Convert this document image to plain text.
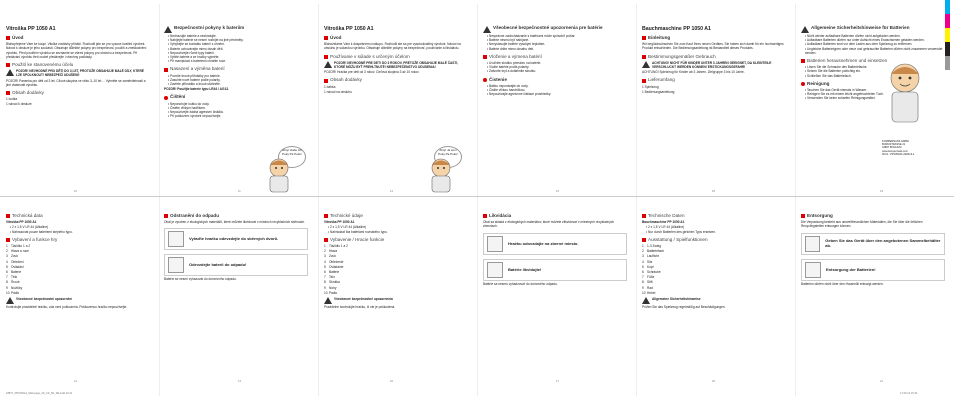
Vitroška PP 1050 A1
Úvod
Blahopřejeme Vám ke koupi. Vitulka vostávky přináší. Rozhodli jste se pro vysoce kvalitní výrobek. Návod k obsluze je jeho součástí. Obsahuje důležité pokyny pro bezpečnost, použití a zneškodnění výrobku. Před použitím výrobku se seznamte se všemi pokyny pro obsluhu a bezpečnost. Při předávání výrobku třetí osobě předávejte i všechny podklady.
Použití ke stanovenému účelu
POZOR! NEVHODNÉ PRO DĚTI DO 3 LET, PROTOŽE OBSAHUJE MALÉ DÍLY, KTERÉ LZE SPOLKNOUT! NEBEZPEČÍ UDUŠENÍ!
POZOR! Panenka pro děti od 3 let. Cílová skupina ve věku 3–10 let ... Vyhněte se zaměnitelnosti a jiné vlastnosti výrobku.
Obsah dodávky
1 loutka
1 návod k obsluze
10
Bezpečnostní pokyny k bateriím
• Nevhazujte baterie a nezkratujte.
• Nabíjejte baterie se nesmí rozbíjet na jiné předměty.
• Vyhýbejte se kontaktu baterií s ohněm.
• Baterie uchovávejte mimo dosah dětí.
• Nepoužívejte různé typy baterií.
• Vybité baterie a ze hračky vyjměte.
• Při manipulaci s bateriemi chraňte ruce.
Nasazení a výměna baterií
• Povolte šroub přihrádky pro baterie.
• Zasuňte nové baterie podle polarity.
• Zavřete přihrádku a šroub utáhněte.
POZOR! Použijte baterie typu LR44 / AG13.
Čištění
• Neponořujte loutku do vody.
• Čistěte vlhkým hadříkem.
• Nepoužívejte žádná agresivní čistidla.
• Při poškození výrobek nepoužívejte.
Ahoj! Habe ich Puky Pa Puku!
11
Vitroška PP 1050 A1
Úvod
Blahoželáme Vám k dúspešnému nákupu. Rozhodli ste sa pre vysokokvalitný výrobok. Návod na obsluhu je súčasťou výrobku. Obsahuje dôležité pokyny na bezpečnosť, používanie a likvidáciu.
Používanie v súlade s určeným účelom
POZOR! NEVHODNÉ PRE DETI DO 3 ROKOV. PRETOŽE OBSAHUJE MALÉ ČASTI, KTORÉ MÔŽU BYŤ PREHLTNUTÉ! NEBEZPEČENSTVO UDUSENIA!
POZOR! Hračka pre deti od 3 rokov. Cieľová skupina 3 až 10 rokov.
Obsah dodávky
1 bábka
1 návod na obsluhu
Ahoj! Ja som Puky Pa Puku!
14
Všeobecné bezpečnostné upozornenia pre batérie
• Nesprávne zaobchádzanie s batériami môže spôsobiť požiar.
• Batérie nesmú byť nabíjané.
• Nevystavujte batérie vysokým teplotám.
• Batérie držte mimo dosahu detí.
Vloženie a výmena batérií
• Uvoľnite skrutku priestoru na batérie.
• Vložte batérie podľa polarity.
• Zatvorte kryt a dotiahnite skrutku.
Čistenie
• Bábku neponárajte do vody.
• Čistite vlhkou handričkou.
• Nepoužívajte agresívne čistiace prostriedky.
15
Bauchmaschine PP 1050 A1
Einleitung
Wir beglückwünschen Sie zum Kauf Ihres neuen Gerätes. Sie haben sich damit für ein hochwertiges Produkt entschieden. Die Bedienungsanleitung ist Bestandteil dieses Produkts.
Bestimmungsgemäßer Gebrauch
ACHTUNG! NICHT FÜR KINDER UNTER 3 JAHREN GEEIGNET, DA KLEINTEILE VERSCHLUCKT WERDEN KÖNNEN! ERSTICKUNGSGEFAHR!
ACHTUNG! Spielzeug für Kinder ab 3 Jahren. Zielgruppe 3 bis 10 Jahre.
Lieferumfang
1 Spielzeug
1 Bedienungsanleitung
18
Allgemeine Sicherheitshinweise für Batterien
• Nicht wieder aufladbare Batterien dürfen nicht aufgeladen werden.
• Aufladbare Batterien dürfen nur unter Aufsicht eines Erwachsenen geladen werden.
• Aufladbare Batterien sind vor dem Laden aus dem Spielzeug zu entfernen.
• Ungleiche Batterietypen oder neue und gebrauchte Batterien dürfen nicht zusammen verwendet werden.
Batterien herausnehmen und einsetzen
• Lösen Sie die Schraube des Batteriefachs.
• Setzen Sie die Batterien polrichtig ein.
• Schließen Sie das Batteriefach.
Reinigung
• Tauchen Sie das Gerät niemals in Wasser.
• Reinigen Sie es mit einem leicht angefeuchteten Tuch.
• Verwenden Sie keine scharfen Reinigungsmittel.
KOMPERNASS GMBH
BURGSTRASSE 21
44867 BOCHUM
www.kompernass.com
ID-Nr.: PP1050A1-092014-1
19
Technická data
Vitroška PP 1050 A1
• 2 x 1,5 V LR 44 (Alkaline)
• Nahrazovat pouze bateriemi stejného typu.
Vybavení a funkce hry
1	Tlačítko 1 a 2
2	Hlava a ruce
3	Zvuk
4	Oblečení
5	Ovládání
6	Baterie
7	Tělo
8	Šroub
9	Nožičky
10 Pádlo
Všeobecné bezpečnostní upozornění
Kontrolujte pravidelně hračku, zda není poškozená. Poškozenou hračku nepoužívejte.
12
Odstranění do odpadu
Obal je vyroben z ekologických materiálů, které můžete likvidovat v místních recyklačních sběrnách.
Vyřaďte hračku odevzdejte do sběrných dvorů.
Odevzdejte baterii do odpadu!
Baterie se nesmí vyhazovat do domovního odpadu.
13
Technické údaje
Vitroška PP 1050 A1
• 2 x 1,5 V LR 44 (Alkaline)
• Nahrádzať iba batériami rovnakého typu.
Vybavenie / Hracie funkcie
1	Tlačidlo 1 a 2
2	Hlava
3	Zvuk
4	Oblečenie
5	Ovládanie
6	Batérie
7	Telo
8	Skrutka
9	Nohy
10 Pádlo
Všeobecné bezpečnostné upozornenia
Pravidelne kontrolujte hračku, či nie je poškodená.
16
Likvidácia
Obal sa skladá z ekologických materiálov, ktoré môžete zlikvidovať v miestnych recyklačných zberniach.
Hračku odovzdajte na zberné miesto.
Batérie likvidujte!
Batérie sa nesmú vyhadzovať do domového odpadu.
17
Technische Daten
Bauchmaschine PP 1050 A1
• 2 x 1,5 V LR 44 (Alkaline)
• Nur durch Batterien des gleichen Typs ersetzen.
Ausstattung / Spielfunktionen
1	1-3 Zweig
2	Batteriefach
3	Lauflicht
4	Sitz
5	Kopf
6	Schraube
7	Füße
8	Stift
9	Rad
10 Hebel
Allgemeine Sicherheitshinweise
Prüfen Sie das Spielzeug regelmäßig auf Beschädigungen.
20
Entsorgung
Die Verpackung besteht aus umweltfreundlichen Materialien, die Sie über die örtlichen Recyclingstellen entsorgen können.
Geben Sie das Gerät über den angebotenen Sammelbehälter ab.
Entsorgung der Batterien!
Batterien dürfen nicht über den Hausmüll entsorgt werden.
21
18877_PP1050A1_Mainpage_A5_CZ_SK_DE.indd 10-21	17.09.14 15:44
